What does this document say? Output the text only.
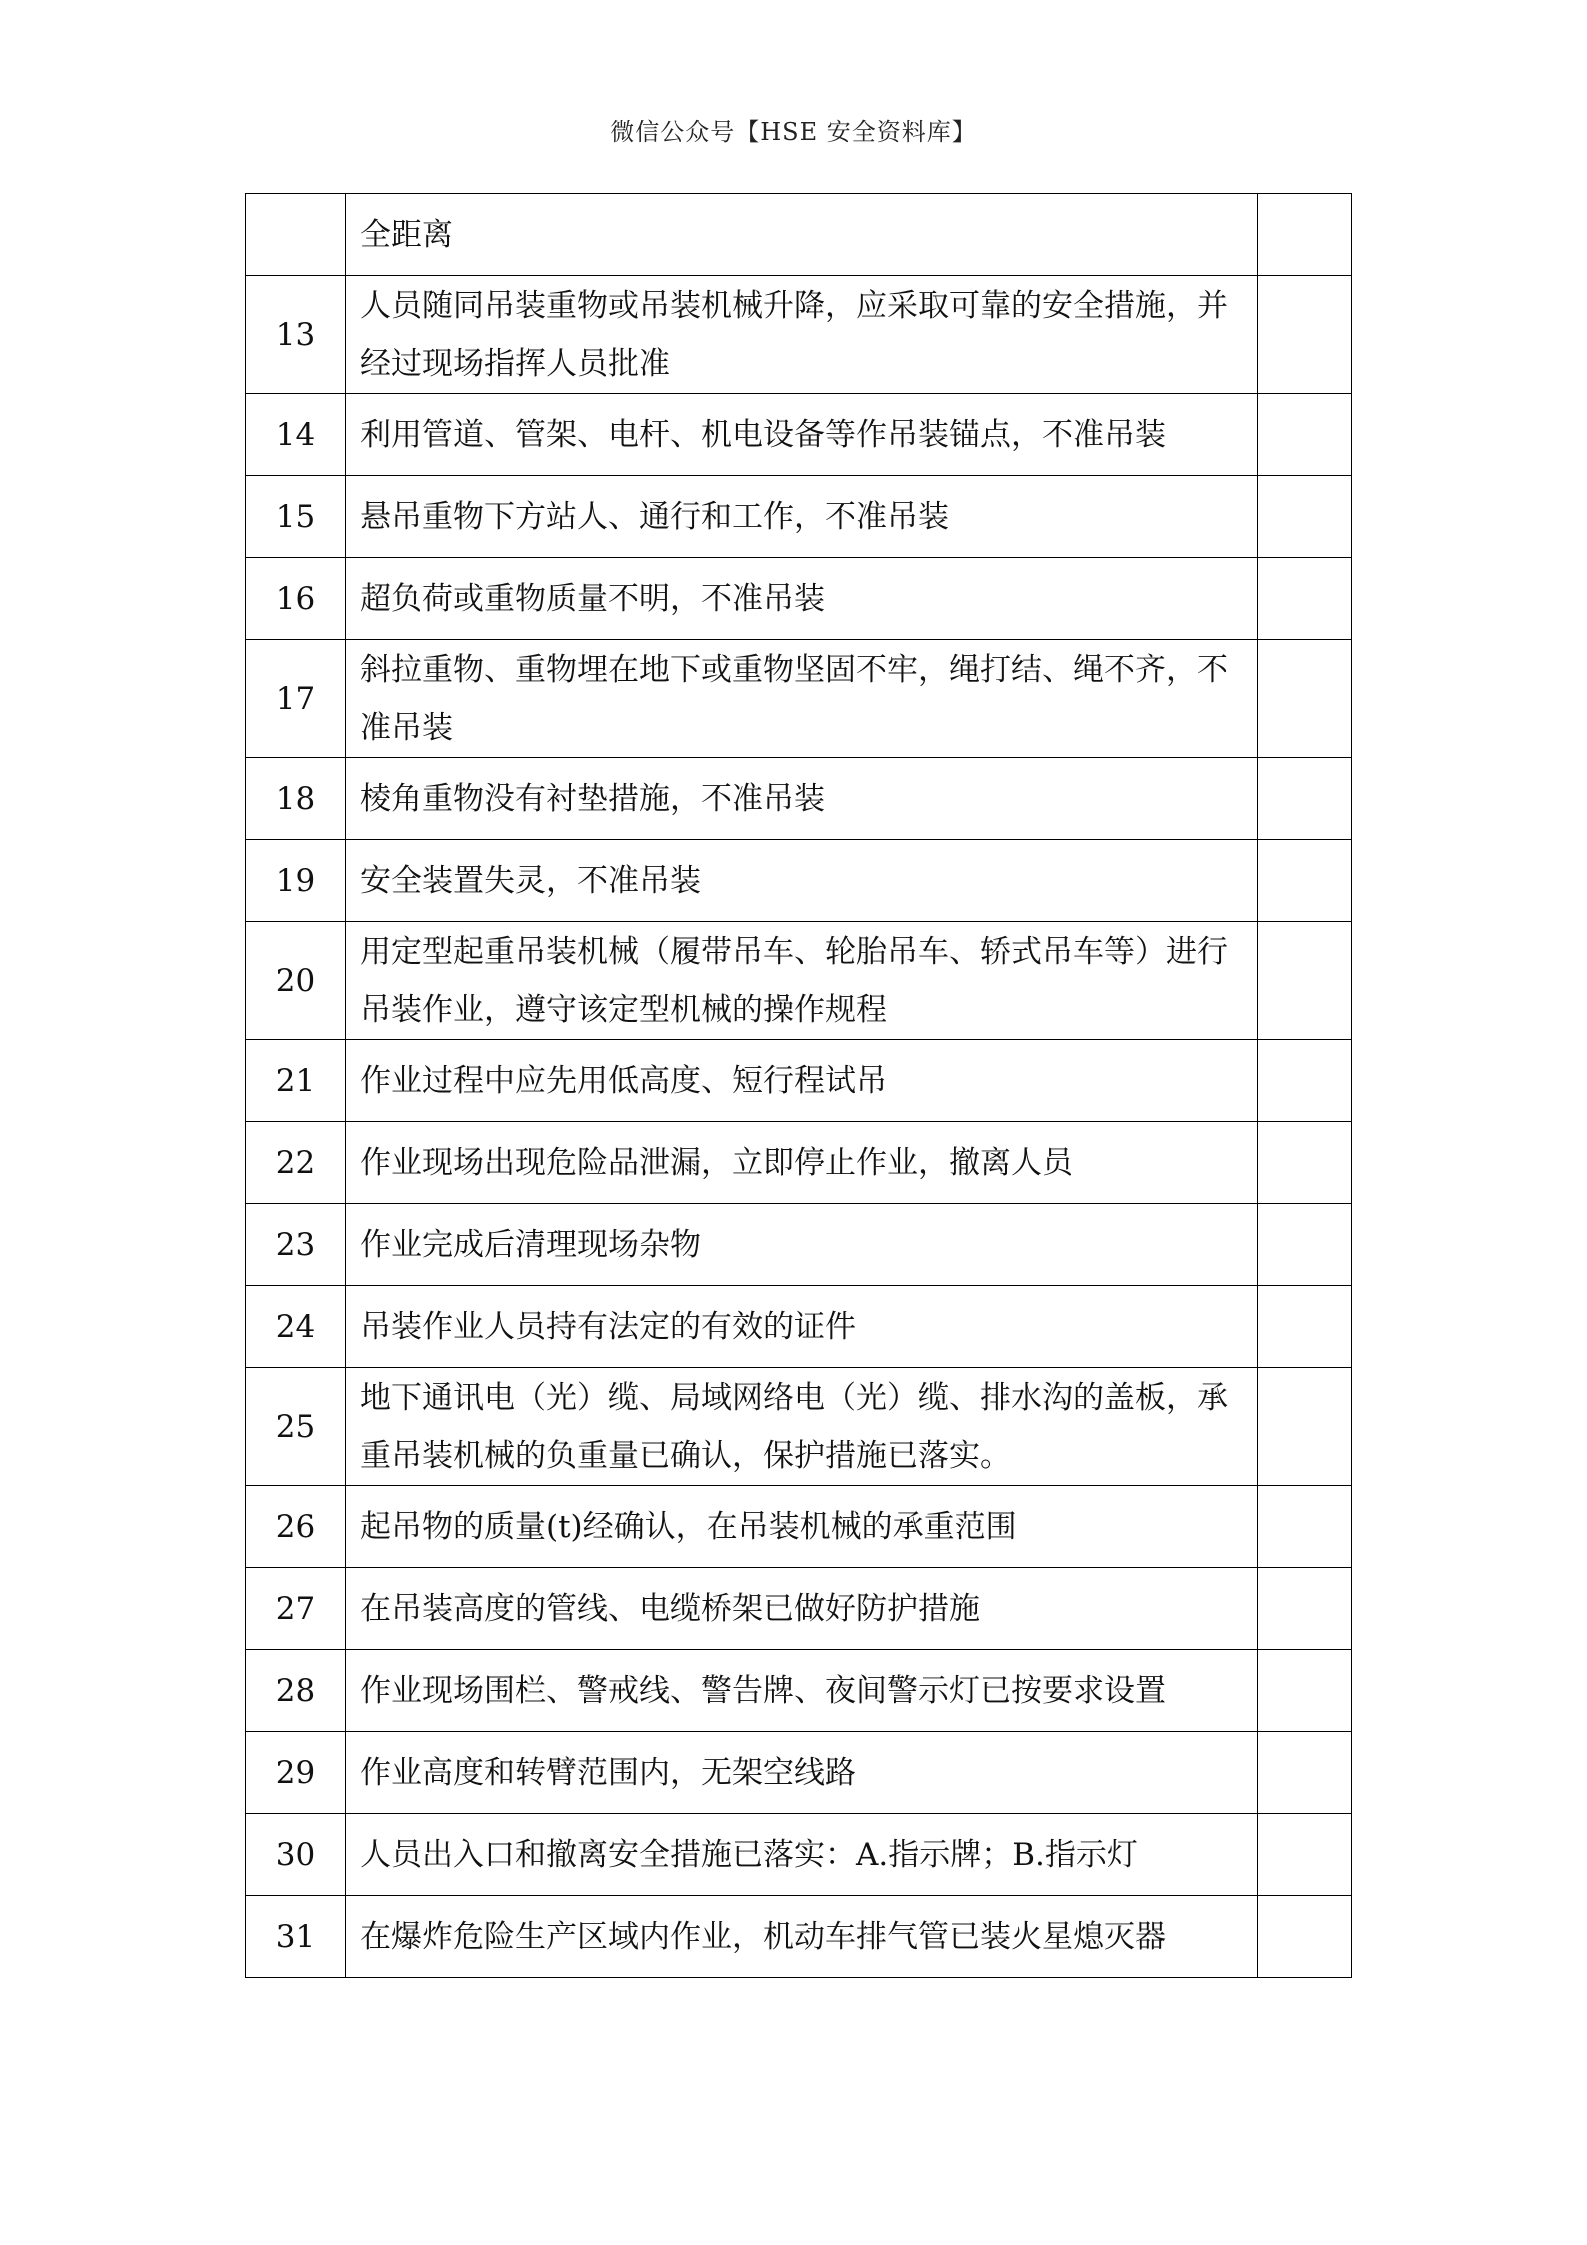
微信公众号【HSE 安全资料库】
	全距离	
13	人员随同吊装重物或吊装机械升降，应采取可靠的安全措施，并经过现场指挥人员批准	
14	利用管道、管架、电杆、机电设备等作吊装锚点，不准吊装	
15	悬吊重物下方站人、通行和工作，不准吊装	
16	超负荷或重物质量不明，不准吊装	
17	斜拉重物、重物埋在地下或重物坚固不牢，绳打结、绳不齐，不准吊装	
18	棱角重物没有衬垫措施，不准吊装	
19	安全装置失灵，不准吊装	
20	用定型起重吊装机械（履带吊车、轮胎吊车、轿式吊车等）进行吊装作业，遵守该定型机械的操作规程	
21	作业过程中应先用低高度、短行程试吊	
22	作业现场出现危险品泄漏，立即停止作业，撤离人员	
23	作业完成后清理现场杂物	
24	吊装作业人员持有法定的有效的证件	
25	地下通讯电（光）缆、局域网络电（光）缆、排水沟的盖板，承重吊装机械的负重量已确认，保护措施已落实。	
26	起吊物的质量(t)经确认，在吊装机械的承重范围	
27	在吊装高度的管线、电缆桥架已做好防护措施	
28	作业现场围栏、警戒线、警告牌、夜间警示灯已按要求设置	
29	作业高度和转臂范围内，无架空线路	
30	人员出入口和撤离安全措施已落实：A.指示牌；B.指示灯	
31	在爆炸危险生产区域内作业，机动车排气管已装火星熄灭器	
